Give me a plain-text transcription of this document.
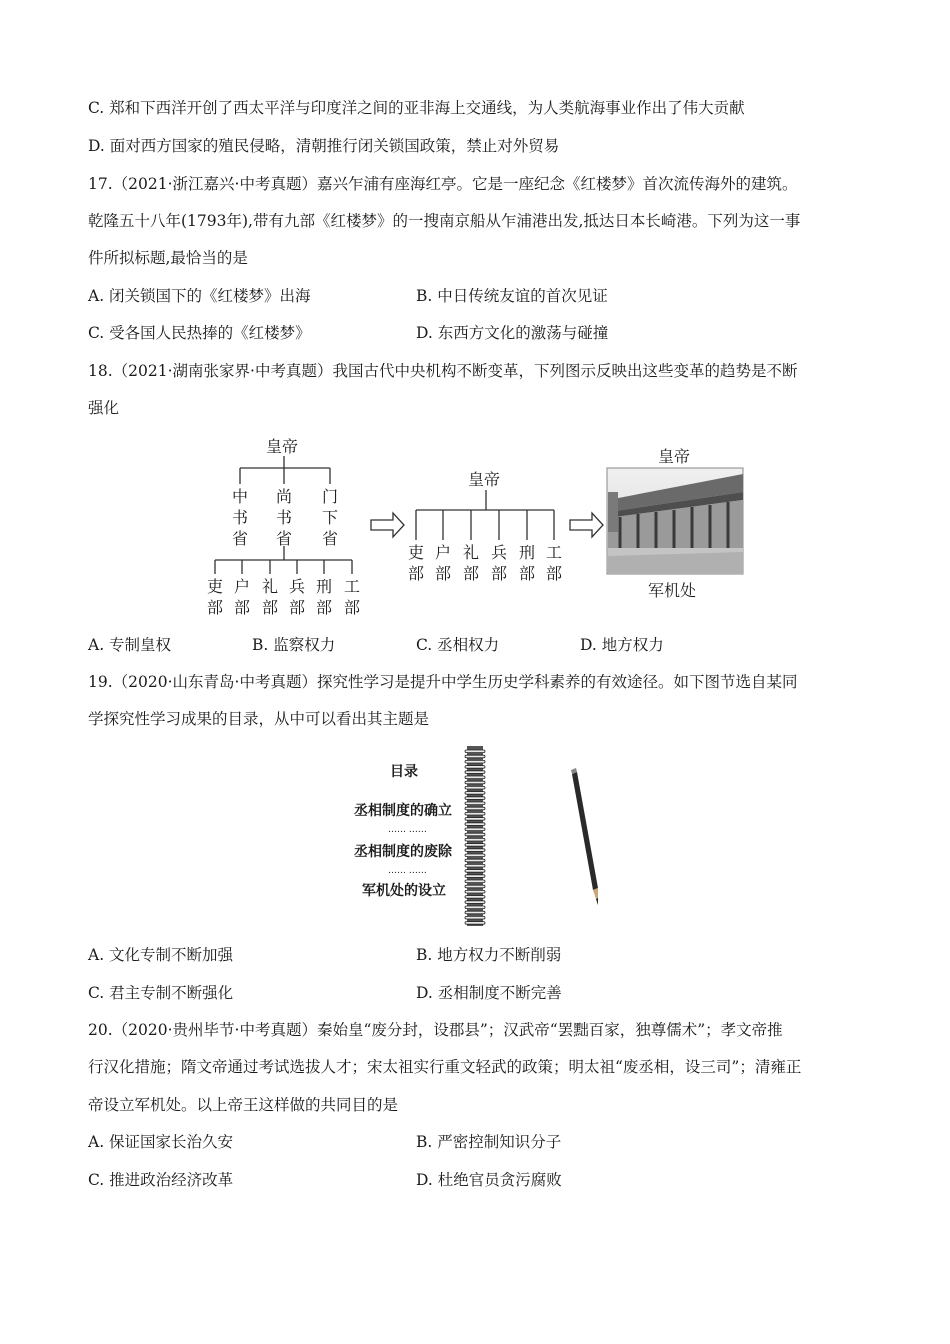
C. 郑和下西洋开创了西太平洋与印度洋之间的亚非海上交通线，为人类航海事业作出了伟大贡献
D. 面对西方国家的殖民侵略，清朝推行闭关锁国政策，禁止对外贸易
17.（2021·浙江嘉兴·中考真题）嘉兴乍浦有座海红亭。它是一座纪念《红楼梦》首次流传海外的建筑。
乾隆五十八年(1793年),带有九部《红楼梦》的一搜南京船从乍浦港出发,抵达日本长崎港。下列为这一事
件所拟标题,最恰当的是
A. 闭关锁国下的《红楼梦》出海	B. 中日传统友谊的首次见证
C. 受各国人民热捧的《红楼梦》	D. 东西方文化的激荡与碰撞
18.（2021·湖南张家界·中考真题）我国古代中央机构不断变革，下列图示反映出这些变革的趋势是不断
强化
皇帝
中
书
省
尚
书
省
门
下
省
吏
部
户
部
礼
部
兵
部
刑
部
工
部
皇帝
吏
部
户
部
礼
部
兵
部
刑
部
工
部
皇帝
军机处
A. 专制皇权	B. 监察权力	C. 丞相权力	D. 地方权力
19.（2020·山东青岛·中考真题）探究性学习是提升中学生历史学科素养的有效途径。如下图节选自某同
学探究性学习成果的目录，从中可以看出其主题是
目录
丞相制度的确立
…… ……
丞相制度的废除
…… ……
军机处的设立
A. 文化专制不断加强	B. 地方权力不断削弱
C. 君主专制不断强化	D. 丞相制度不断完善
20.（2020·贵州毕节·中考真题）秦始皇“废分封，设郡县”；汉武帝“罢黜百家，独尊儒术”；孝文帝推
行汉化措施；隋文帝通过考试选拔人才；宋太祖实行重文轻武的政策；明太祖“废丞相，设三司”；清雍正
帝设立军机处。以上帝王这样做的共同目的是
A. 保证国家长治久安	B. 严密控制知识分子
C. 推进政治经济改革	D. 杜绝官员贪污腐败
